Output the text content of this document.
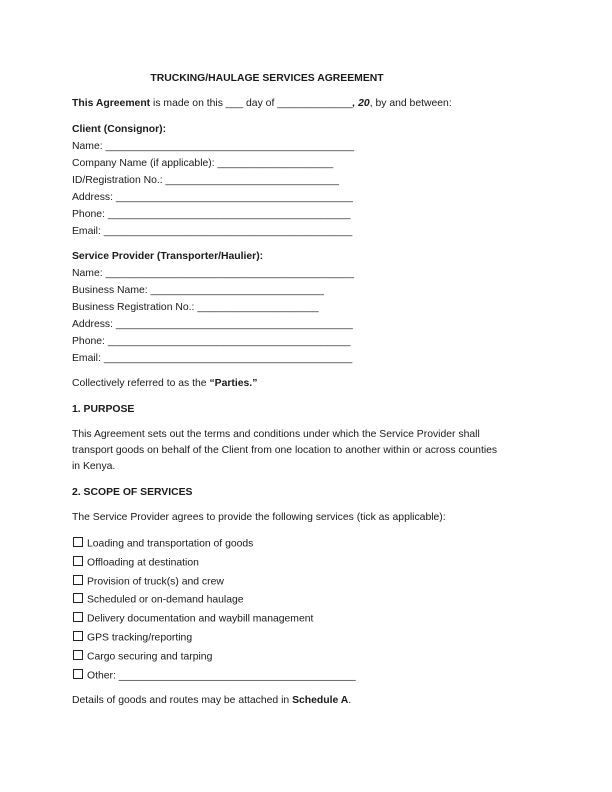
TRUCKING/HAULAGE SERVICES AGREEMENT
This Agreement is made on this ___ day of _____________, 20, by and between:
Client (Consignor):
Name: ___________________________________________
Company Name (if applicable): ____________________
ID/Registration No.: ______________________________
Address: _________________________________________
Phone: __________________________________________
Email: ___________________________________________
Service Provider (Transporter/Haulier):
Name: ___________________________________________
Business Name: ______________________________
Business Registration No.: _____________________
Address: _________________________________________
Phone: __________________________________________
Email: ___________________________________________
Collectively referred to as the “Parties.”
1. PURPOSE
This Agreement sets out the terms and conditions under which the Service Provider shall
transport goods on behalf of the Client from one location to another within or across counties
in Kenya.
2. SCOPE OF SERVICES
The Service Provider agrees to provide the following services (tick as applicable):
Loading and transportation of goods
Offloading at destination
Provision of truck(s) and crew
Scheduled or on-demand haulage
Delivery documentation and waybill management
GPS tracking/reporting
Cargo securing and tarping
Other: _________________________________________
Details of goods and routes may be attached in Schedule A.
